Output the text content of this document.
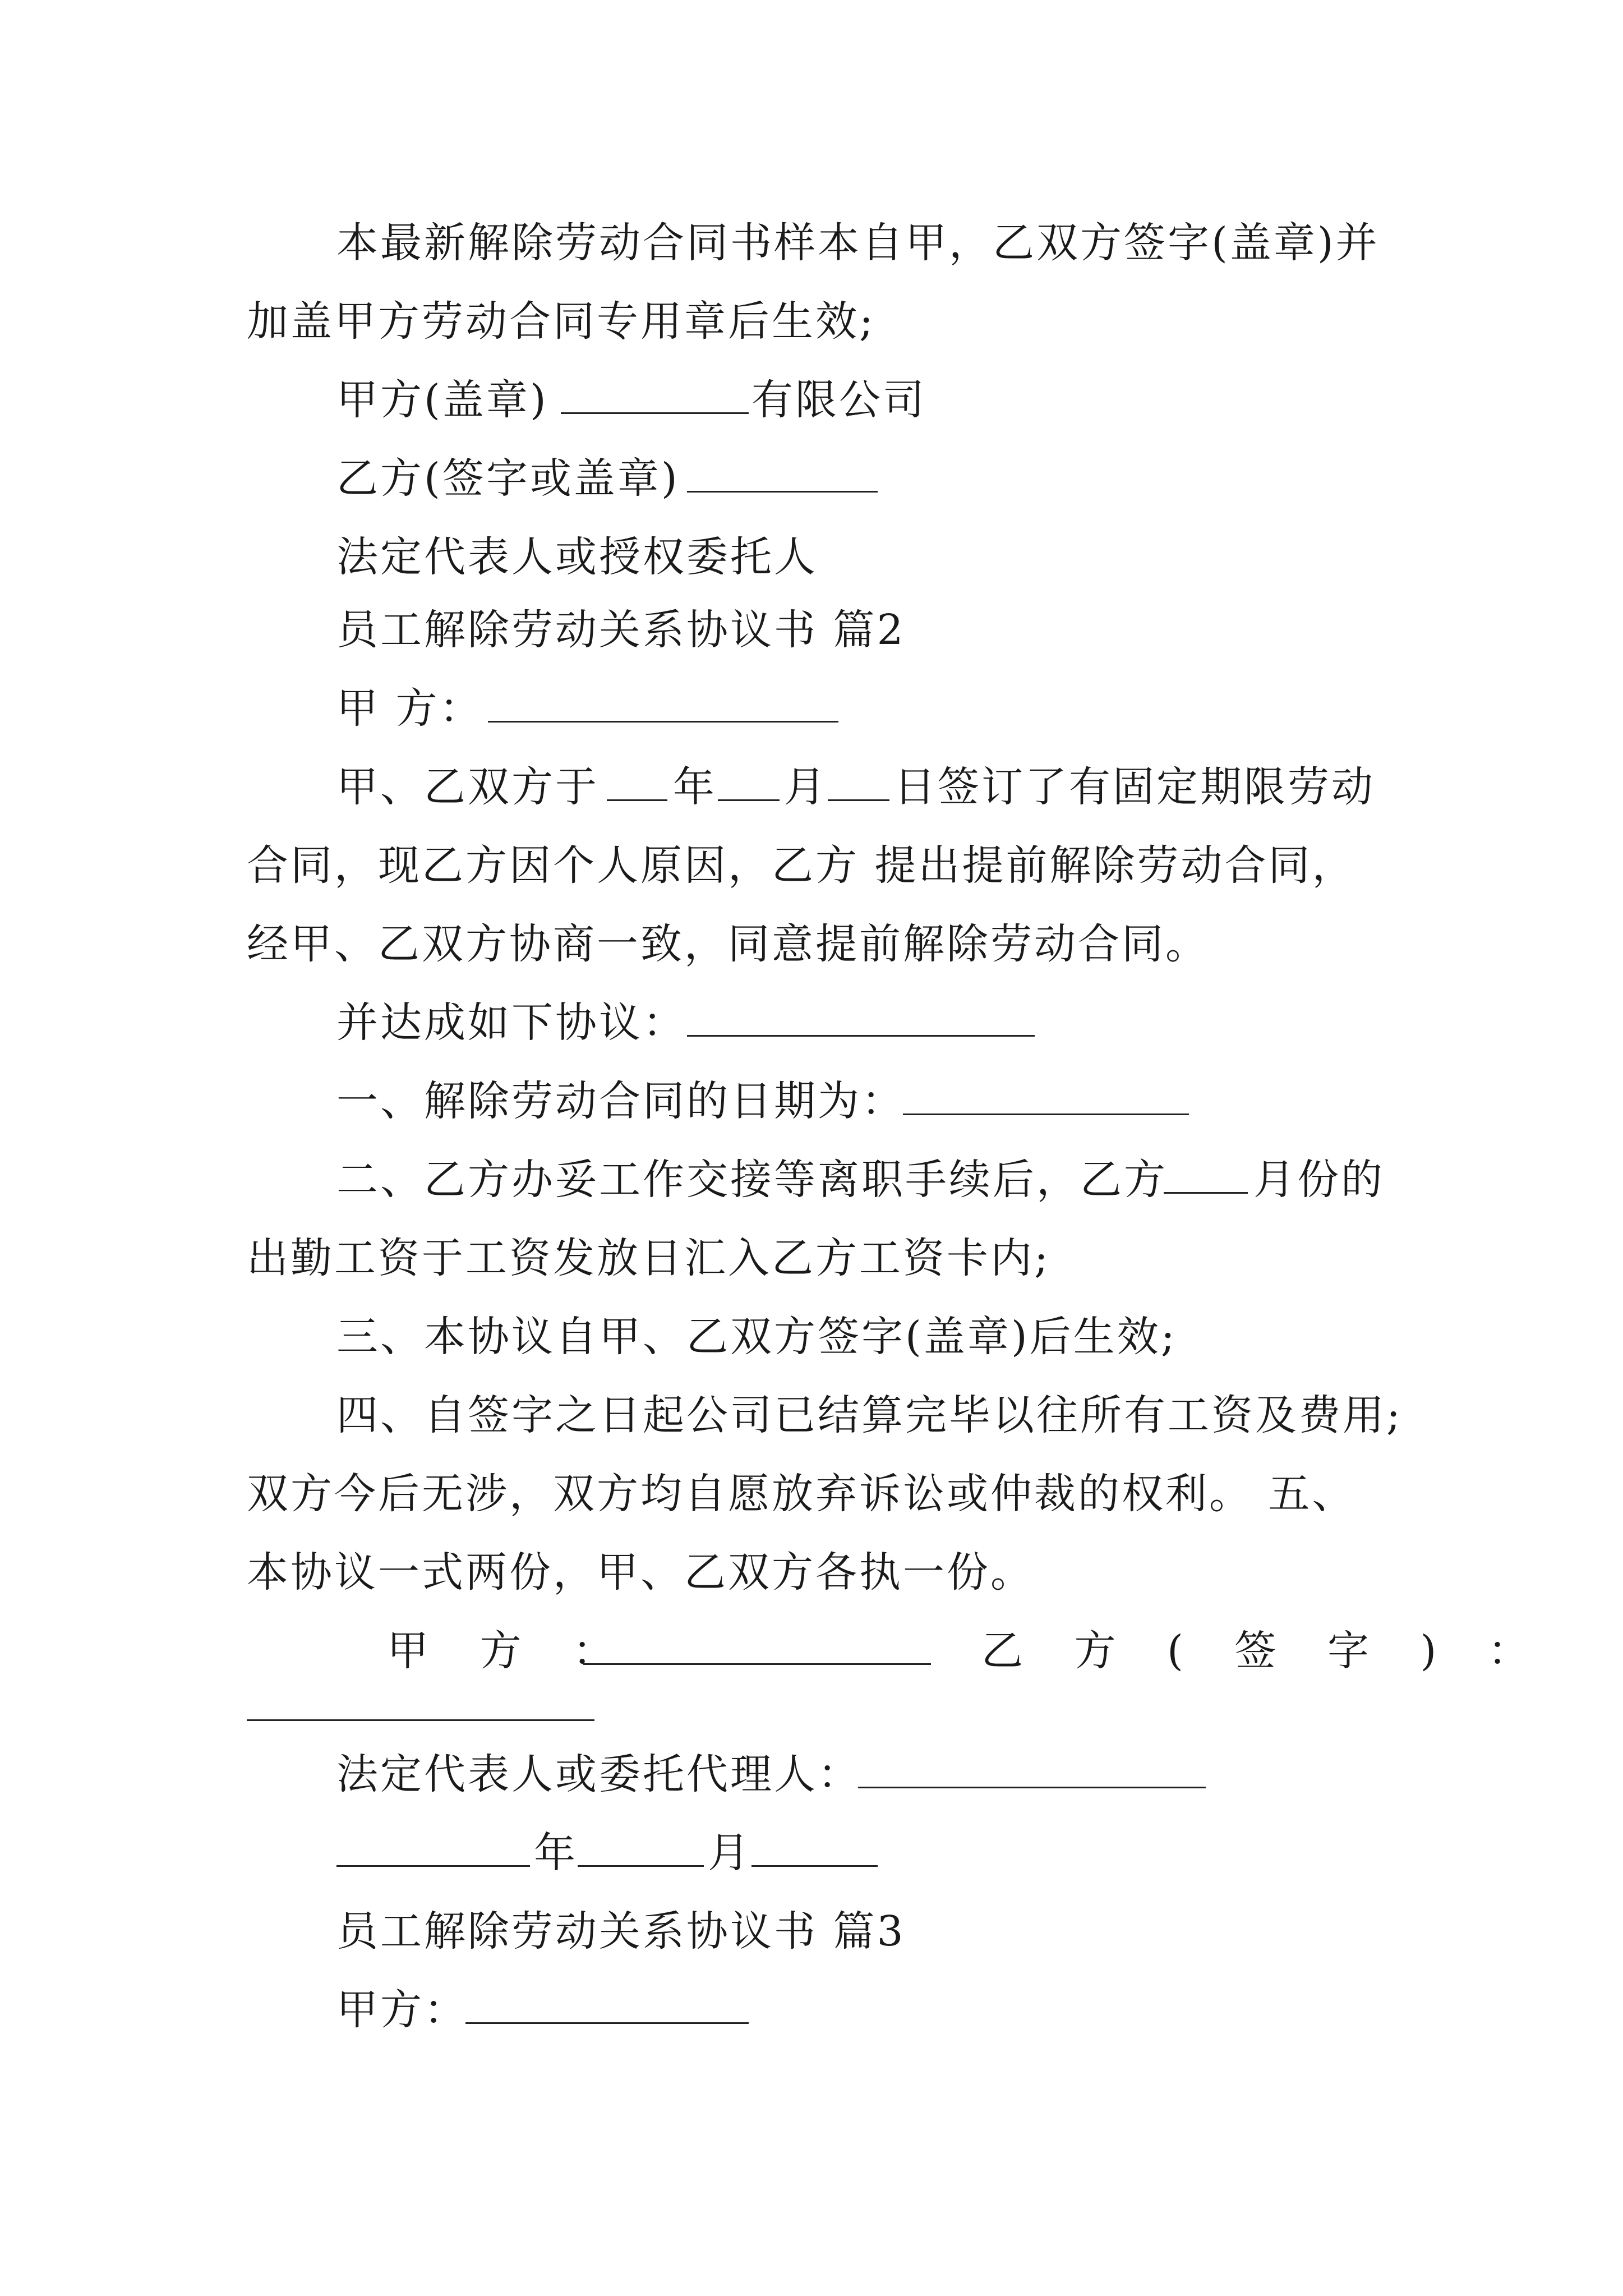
本最新解除劳动合同书样本自甲，乙双方签字(盖章)并
加盖甲方劳动合同专用章后生效;
甲方(盖章)	有限公司
乙方(签字或盖章)
法定代表人或授权委托人
员工解除劳动关系协议书 篇2
甲 方：
甲、乙双方于 年 月 日签订了有固定期限劳动
合同，现乙方因个人原因，乙方 提出提前解除劳动合同，
经甲、乙双方协商一致，同意提前解除劳动合同。
并达成如下协议：
一、解除劳动合同的日期为：
二、乙方办妥工作交接等离职手续后，乙方 月份的
出勤工资于工资发放日汇入乙方工资卡内;
三、本协议自甲、乙双方签字(盖章)后生效;
四、自签字之日起公司已结算完毕以往所有工资及费用;
双方今后无涉，双方均自愿放弃诉讼或仲裁的权利。 五、
本协议一式两份，甲、乙双方各执一份。
甲 方 ：	乙 方 ( 签 字 ) ：
法定代表人或委托代理人：
年	月
员工解除劳动关系协议书 篇3
甲方：
